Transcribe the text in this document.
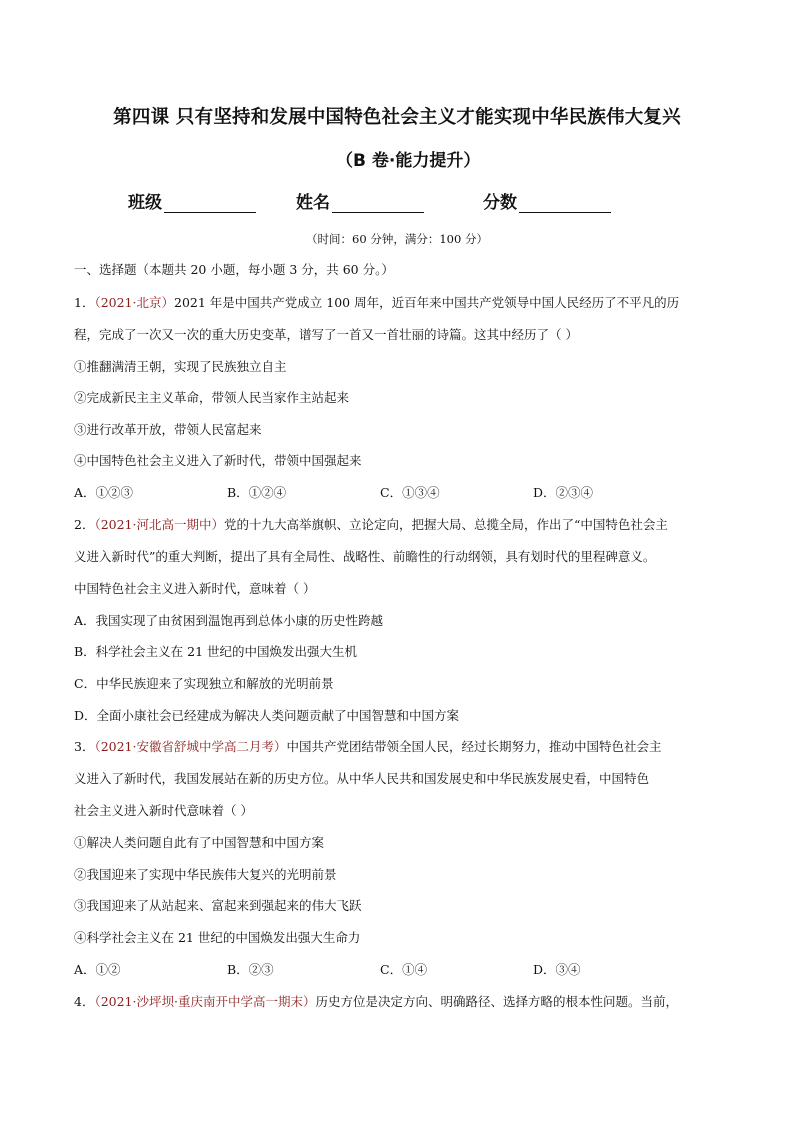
第四课 只有坚持和发展中国特色社会主义才能实现中华民族伟大复兴
（B 卷·能力提升）
班级	姓名	分数
（时间：60 分钟，满分：100 分）
一、选择题（本题共 20 小题，每小题 3 分，共 60 分。）
1．（2021·北京）2021 年是中国共产党成立 100 周年，近百年来中国共产党领导中国人民经历了不平凡的历
程，完成了一次又一次的重大历史变革，谱写了一首又一首壮丽的诗篇。这其中经历了（ ）
①推翻满清王朝，实现了民族独立自主
②完成新民主主义革命，带领人民当家作主站起来
③进行改革开放，带领人民富起来
④中国特色社会主义进入了新时代，带领中国强起来
A．①②③	B．①②④	C．①③④	D．②③④
2．（2021·河北高一期中）党的十九大高举旗帜、立论定向，把握大局、总揽全局，作出了“中国特色社会主
义进入新时代”的重大判断，提出了具有全局性、战略性、前瞻性的行动纲领，具有划时代的里程碑意义。
中国特色社会主义进入新时代，意味着（ ）
A．我国实现了由贫困到温饱再到总体小康的历史性跨越
B．科学社会主义在 21 世纪的中国焕发出强大生机
C．中华民族迎来了实现独立和解放的光明前景
D．全面小康社会已经建成为解决人类问题贡献了中国智慧和中国方案
3．（2021·安徽省舒城中学高二月考）中国共产党团结带领全国人民，经过长期努力，推动中国特色社会主
义进入了新时代，我国发展站在新的历史方位。从中华人民共和国发展史和中华民族发展史看，中国特色
社会主义进入新时代意味着（ ）
①解决人类问题自此有了中国智慧和中国方案
②我国迎来了实现中华民族伟大复兴的光明前景
③我国迎来了从站起来、富起来到强起来的伟大飞跃
④科学社会主义在 21 世纪的中国焕发出强大生命力
A．①②	B．②③	C．①④	D．③④
4．（2021·沙坪坝·重庆南开中学高一期末）历史方位是决定方向、明确路径、选择方略的根本性问题。当前，
